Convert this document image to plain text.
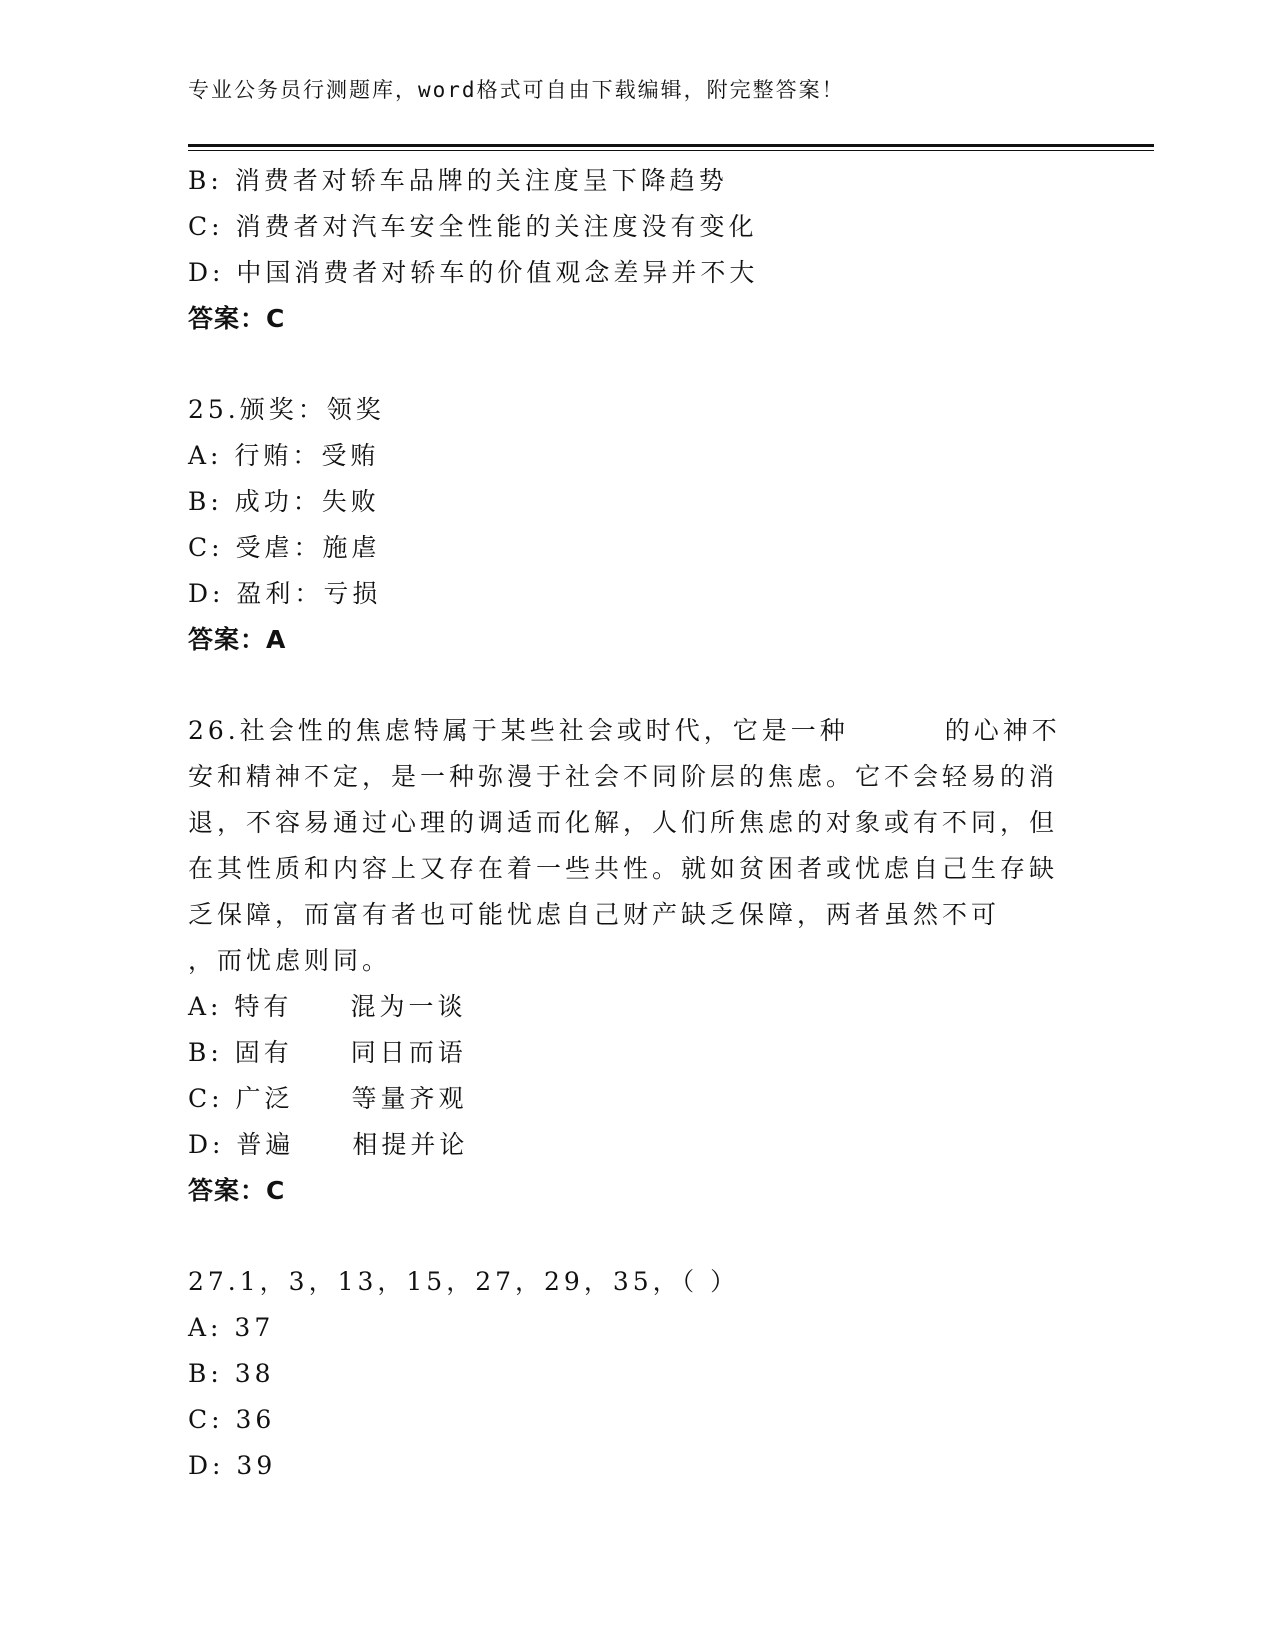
专业公务员行测题库，word格式可自由下载编辑，附完整答案！
B: 消费者对轿车品牌的关注度呈下降趋势
C: 消费者对汽车安全性能的关注度没有变化
D: 中国消费者对轿车的价值观念差异并不大
答案：C
25.颁奖：领奖
A: 行贿：受贿
B: 成功：失败
C: 受虐：施虐
D: 盈利：亏损
答案：A
26.社会性的焦虑特属于某些社会或时代，它是一种	的心神不
安和精神不定，是一种弥漫于社会不同阶层的焦虑。它不会轻易的消
退，不容易通过心理的调适而化解，人们所焦虑的对象或有不同，但
在其性质和内容上又存在着一些共性。就如贫困者或忧虑自己生存缺
乏保障，而富有者也可能忧虑自己财产缺乏保障，两者虽然不可
，而忧虑则同。
A: 特有 混为一谈
B: 固有 同日而语
C: 广泛 等量齐观
D: 普遍 相提并论
答案：C
27.1，3，13，15，27，29，35，（ ）
A: 37
B: 38
C: 36
D: 39
